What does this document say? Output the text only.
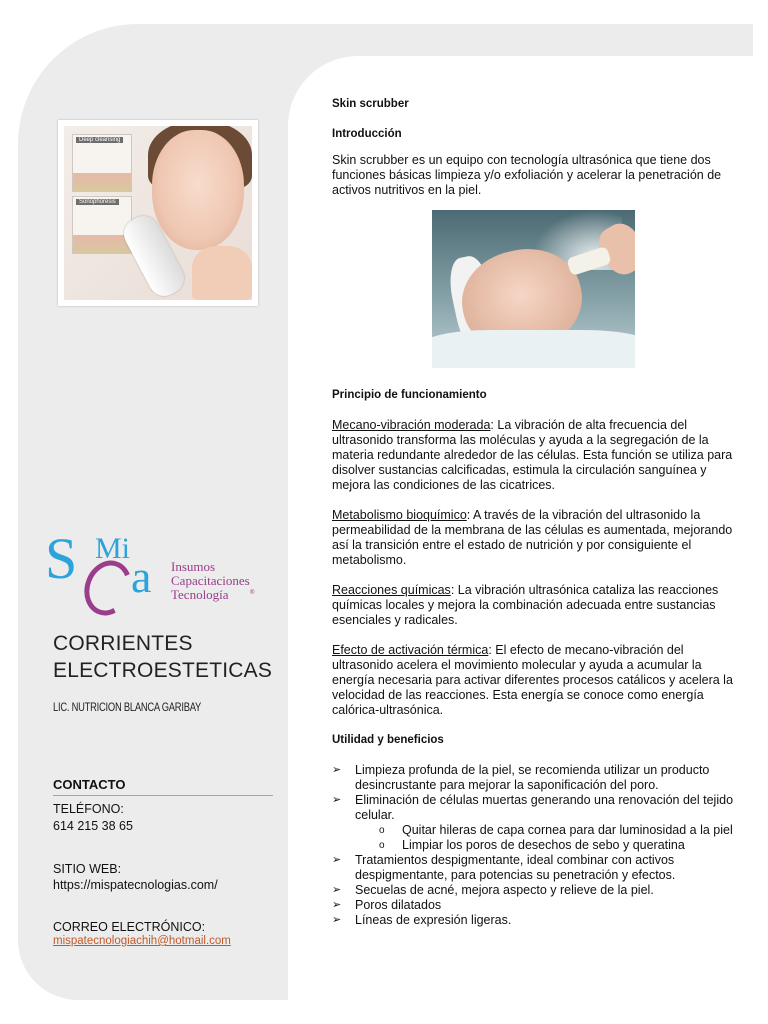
Deep cleansing
Sonophoresis
S Mi
a Insumos
Capacitaciones
Tecnología	®
CORRIENTES
ELECTROESTETICAS
LIC. NUTRICION BLANCA GARIBAY
CONTACTO
TELÉFONO:
614 215 38 65
SITIO WEB:
https://mispatecnologias.com/
CORREO ELECTRÓNICO:
mispatecnologiachih@hotmail.com

Skin scrubber

Introducción

Skin scrubber es un equipo con tecnología ultrasónica que tiene dos funciones básicas limpieza y/o exfoliación y acelerar la penetración de activos nutritivos en la piel.

Principio de funcionamiento

Mecano-vibración moderada: La vibración de alta frecuencia del ultrasonido transforma las moléculas y ayuda a la segregación de la materia redundante alrededor de las células. Esta función se utiliza para disolver sustancias calcificadas, estimula la circulación sanguínea y mejora las condiciones de las cicatrices.

Metabolismo bioquímico: A través de la vibración del ultrasonido la permeabilidad de la membrana de las células es aumentada, mejorando así la transición entre el estado de nutrición y por consiguiente el metabolismo.

Reacciones químicas: La vibración ultrasónica cataliza las reacciones químicas locales y mejora la combinación adecuada entre sustancias esenciales y radicales.

Efecto de activación térmica: El efecto de mecano-vibración del ultrasonido acelera el movimiento molecular y ayuda a acumular la energía necesaria para activar diferentes procesos catálicos y acelera la velocidad de las reacciones. Esta energía se conoce como energía calórica-ultrasónica.

Utilidad y beneficios

➢ Limpieza profunda de la piel, se recomienda utilizar un producto desincrustante para mejorar la saponificación del poro.
➢ Eliminación de células muertas generando una renovación del tejido celular.
o Quitar hileras de capa cornea para dar luminosidad a la piel
o Limpiar los poros de desechos de sebo y queratina
➢ Tratamientos despigmentante, ideal combinar con activos despigmentante, para potencias su penetración y efectos.
➢ Secuelas de acné, mejora aspecto y relieve de la piel.
➢ Poros dilatados
➢ Líneas de expresión ligeras.
